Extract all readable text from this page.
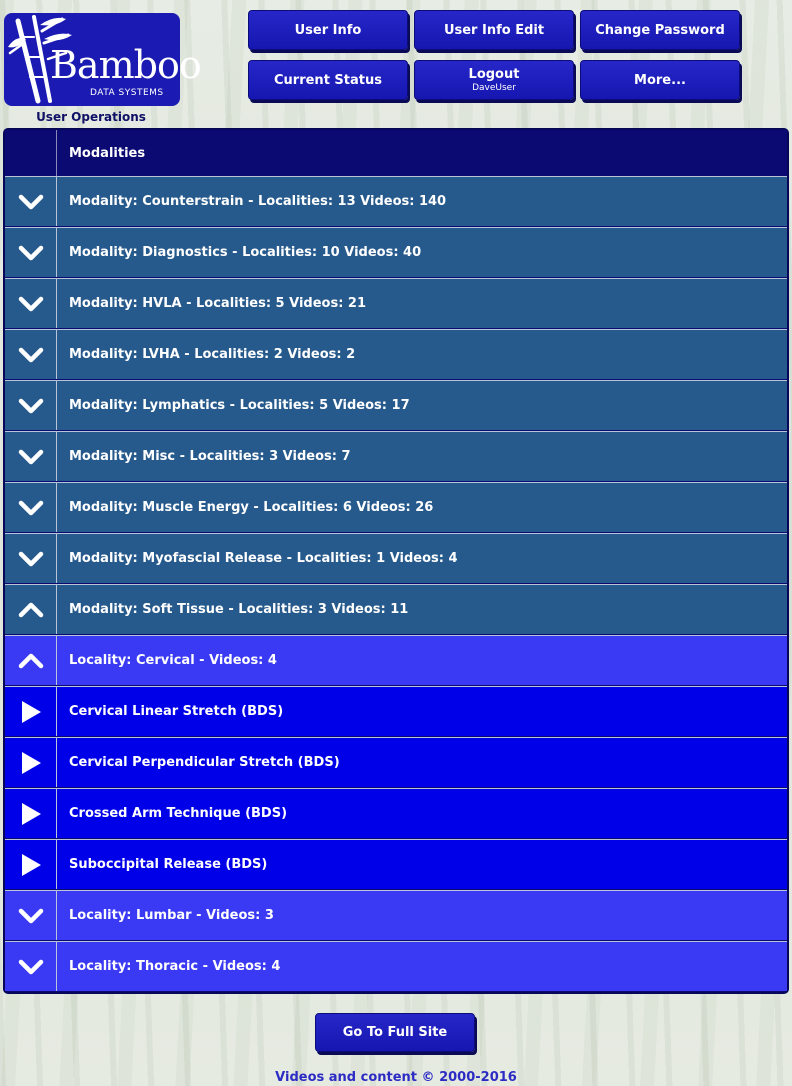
Bamboo
DATA SYSTEMS
User Operations
User Info	User Info Edit	Change Password
Current Status	Logout
DaveUser
More...
Modalities
Modality: Counterstrain - Localities: 13 Videos: 140
Modality: Diagnostics - Localities: 10 Videos: 40
Modality: HVLA - Localities: 5 Videos: 21
Modality: LVHA - Localities: 2 Videos: 2
Modality: Lymphatics - Localities: 5 Videos: 17
Modality: Misc - Localities: 3 Videos: 7
Modality: Muscle Energy - Localities: 6 Videos: 26
Modality: Myofascial Release - Localities: 1 Videos: 4
Modality: Soft Tissue - Localities: 3 Videos: 11
Locality: Cervical - Videos: 4
Cervical Linear Stretch (BDS)
Cervical Perpendicular Stretch (BDS)
Crossed Arm Technique (BDS)
Suboccipital Release (BDS)
Locality: Lumbar - Videos: 3
Locality: Thoracic - Videos: 4
Go To Full Site
Videos and content © 2000-2016
